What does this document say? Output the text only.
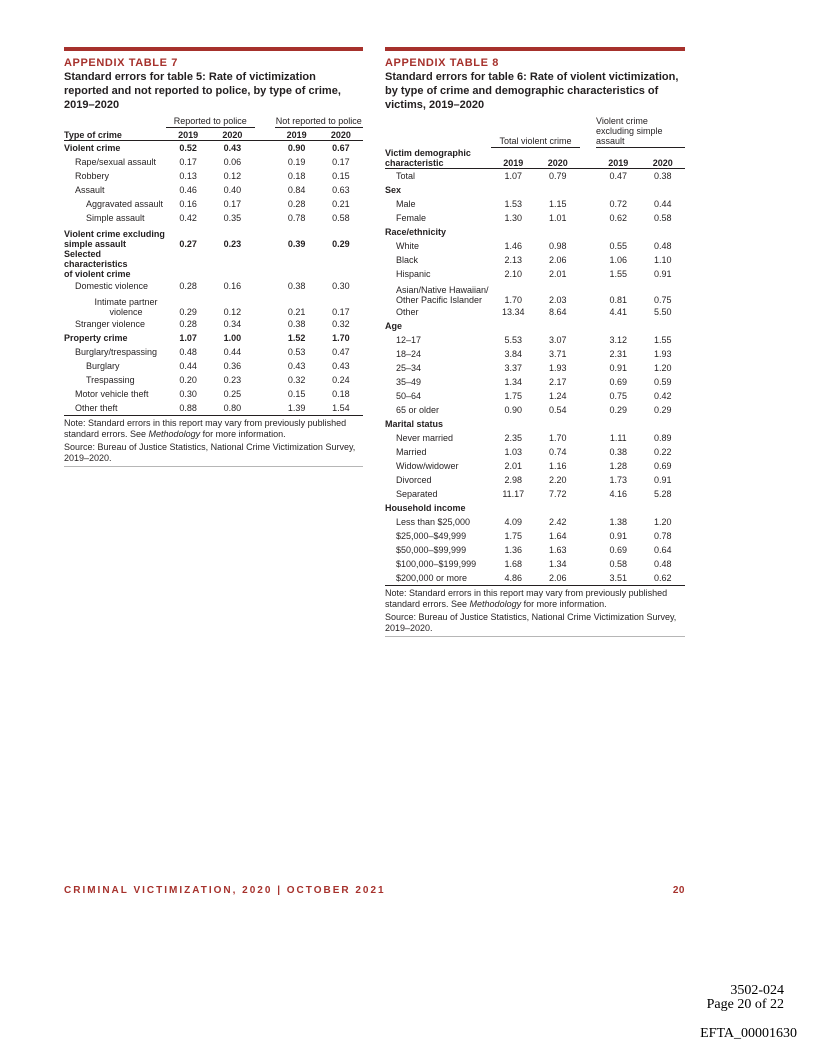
APPENDIX TABLE 7
Standard errors for table 5: Rate of victimization reported and not reported to police, by type of crime, 2019–2020

	Reported to police			Not reported to police	

Type of crime	2019	2020		2019	2020
Violent crime	0.52	0.43		0.90	0.67
Rape/sexual assault	0.17	0.06		0.19	0.17
Robbery	0.13	0.12		0.18	0.15
Assault	0.46	0.40		0.84	0.63
Aggravated assault	0.16	0.17		0.28	0.21
Simple assault	0.42	0.35		0.78	0.58
Violent crime excluding
simple assault	0.27	0.23		0.39	0.29
Selected characteristics
of violent crime					
Domestic violence	0.28	0.16		0.38	0.30
Intimate partner
violence	0.29	0.12		0.21	0.17
Stranger violence	0.28	0.34		0.38	0.32
Property crime	1.07	1.00		1.52	1.70
Burglary/trespassing	0.48	0.44		0.53	0.47
Burglary	0.44	0.36		0.43	0.43
Trespassing	0.20	0.23		0.32	0.24
Motor vehicle theft	0.30	0.25		0.15	0.18
Other theft	0.88	0.80		1.39	1.54
Note: Standard errors in this report may vary from previously published standard errors. See Methodology for more information.
Source: Bureau of Justice Statistics, National Crime Victimization Survey, 2019–2020.
APPENDIX TABLE 8
Standard errors for table 6: Rate of violent victimization, by type of crime and demographic characteristics of victims, 2019–2020

	Total violent crime			Violent crime excluding simple assault	

Victim demographic characteristic	2019	2020		2019	2020
Total	1.07	0.79		0.47	0.38
Sex					
Male	1.53	1.15		0.72	0.44
Female	1.30	1.01		0.62	0.58
Race/ethnicity					
White	1.46	0.98		0.55	0.48
Black	2.13	2.06		1.06	1.10
Hispanic	2.10	2.01		1.55	0.91
Asian/Native Hawaiian/
Other Pacific Islander	1.70	2.03		0.81	0.75
Other	13.34	8.64		4.41	5.50
Age					
12–17	5.53	3.07		3.12	1.55
18–24	3.84	3.71		2.31	1.93
25–34	3.37	1.93		0.91	1.20
35–49	1.34	2.17		0.69	0.59
50–64	1.75	1.24		0.75	0.42
65 or older	0.90	0.54		0.29	0.29
Marital status					
Never married	2.35	1.70		1.11	0.89
Married	1.03	0.74		0.38	0.22
Widow/widower	2.01	1.16		1.28	0.69
Divorced	2.98	2.20		1.73	0.91
Separated	11.17	7.72		4.16	5.28
Household income					
Less than $25,000	4.09	2.42		1.38	1.20
$25,000–$49,999	1.75	1.64		0.91	0.78
$50,000–$99,999	1.36	1.63		0.69	0.64
$100,000–$199,999	1.68	1.34		0.58	0.48
$200,000 or more	4.86	2.06		3.51	0.62
Note: Standard errors in this report may vary from previously published standard errors. See Methodology for more information.
Source: Bureau of Justice Statistics, National Crime Victimization Survey, 2019–2020.
CRIMINAL VICTIMIZATION, 2020 | OCTOBER 2021	20
3502-024
Page 20 of 22
EFTA_00001630
